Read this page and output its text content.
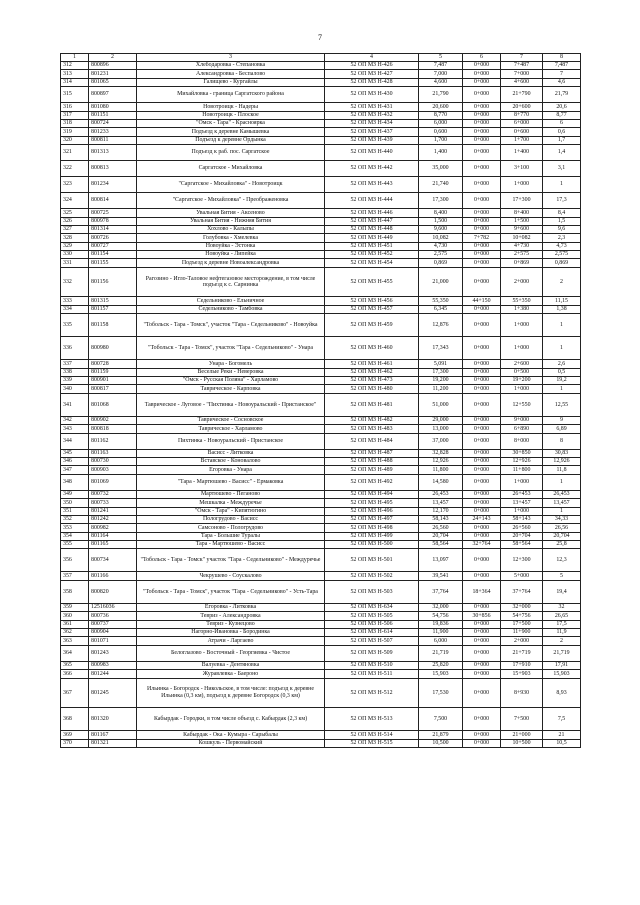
7
1	2	3	4	5	6	7	8
312	800896	Хлебодаровка - Степановка	52 ОП МЗ Н-426	7,487	0+000	7+487	7,487
313	801231	Александровка - Беспалово	52 ОП МЗ Н-427	7,000	0+000	7+000	7
314	801065	Галищево - Кургайлы	52 ОП МЗ Н-428	4,600	0+000	4+600	4,6
315	800897	Михайловка - граница Саргатского района	52 ОП МЗ Н-430	21,790	0+000	21+790	21,79
316	801080	Новотроицк - Надеры	52 ОП МЗ Н-431	20,600	0+000	20+600	20,6
317	801151	Новотроицк - Плоское	52 ОП МЗ Н-432	8,770	0+000	8+770	8,77
318	800724	"Омск - Тара" - Красноярка	52 ОП МЗ Н-434	6,000	0+000	6+000	6
319	801233	Подъезд к деревне Камышевка	52 ОП МЗ Н-437	0,600	0+000	0+600	0,6
320	800811	Подъезд к деревне Ордынка	52 ОП МЗ Н-439	1,700	0+000	1+700	1,7
321	801313	Подъезд к раб. пос. Саргатское	52 ОП МЗ Н-440	1,400	0+000	1+400	1,4
322	800813	Саргатское - Михайловка	52 ОП МЗ Н-442	35,000	0+000	3+100	3,1
323	801234	"Саргатское - Михайловка" - Новотроицк	52 ОП МЗ Н-443	21,740	0+000	1+000	1
324	800814	"Саргатское - Михайловка" - Преображеновка	52 ОП МЗ Н-444	17,300	0+000	17+300	17,3
325	800725	Увальная Бития - Аксеново	52 ОП МЗ Н-446	8,400	0+000	8+400	8,4
326	800978	Увальная Бития - Нижняя Бития	52 ОП МЗ Н-447	1,500	0+000	1+500	1,5
327	801314	Хохлово - Калыпы	52 ОП МЗ Н-448	9,600	0+000	9+600	9,6
328	800726	Голубовка - Хмелевка	52 ОП МЗ Н-449	10,082	7+782	10+082	2,3
329	800727	Новоуйка - Эстонка	52 ОП МЗ Н-451	4,730	0+000	4+730	4,73
330	801154	Новоуйка - Липейка	52 ОП МЗ Н-452	2,575	0+000	2+575	2,575
331	801155	Подъезд к деревне Новоалександровка	52 ОП МЗ Н-454	0,869	0+000	0+869	0,869
332	801156	Рагозино - Игло-Таловое нефтегазовое месторождение, в том числе подъезд к с. Сарнинка	52 ОП МЗ Н-455	21,000	0+000	2+000	2
333	801315	Седельниково - Ельничное	52 ОП МЗ Н-456	55,350	44+150	55+350	11,15
334	801157	Седельниково - Тамбовка	52 ОП МЗ Н-457	6,345	0+000	1+380	1,38
335	801158	"Тобольск - Тара - Томск", участок "Тара - Седельниково" - Новоуйка	52 ОП МЗ Н-459	12,876	0+000	1+000	1
336	800980	"Тобольск - Тара - Томск", участок "Тара - Седельниково" - Унара	52 ОП МЗ Н-460	17,343	0+000	1+000	1
337	800728	Унара - Богомель	52 ОП МЗ Н-461	5,091	0+000	2+600	2,6
338	801159	Веселые Реки - Неверовка	52 ОП МЗ Н-462	17,300	0+000	0+500	0,5
339	800901	"Омск - Русская Поляна" - Харламово	52 ОП МЗ Н-473	19,200	0+000	19+200	19,2
340	800817	Таврическое - Карповка	52 ОП МЗ Н-480	11,200	0+000	1+000	1
341	801068	Таврическое - Луговое - "Пихтинка - Новоуральский - Пристанское"	52 ОП МЗ Н-481	51,000	0+000	12+550	12,55
342	800902	Таврическое - Сосновское	52 ОП МЗ Н-482	29,000	0+000	9+000	9
343	800818	Таврическое - Харламово	52 ОП МЗ Н-483	13,000	0+000	6+890	6,89
344	801162	Пихтинка - Новоуральский - Пристанское	52 ОП МЗ Н-484	37,000	0+000	8+000	8
345	801163	Васисс - Литковка	52 ОП МЗ Н-487	32,828	0+000	30+850	30,83
346	800730	Вставское - Коновалово	52 ОП МЗ Н-488	12,926	0+000	12+926	12,926
347	800903	Егоровка - Унара	52 ОП МЗ Н-489	11,800	0+000	11+800	11,8
348	801069	"Тара - Мартюшево - Васисс" - Ермаковка	52 ОП МЗ Н-492	14,580	0+000	1+000	1
349	800732	Мартюшево - Пеганово	52 ОП МЗ Н-494	26,453	0+000	26+453	26,453
350	800733	Мешкалка - Междуречье	52 ОП МЗ Н-495	13,457	0+000	13+457	13,457
351	801241	"Омск - Тара" - Кипятюгино	52 ОП МЗ Н-496	12,170	0+000	1+000	1
352	801242	Пологрудово - Васисс	52 ОП МЗ Н-497	58,143	24+143	58+143	34,33
353	800982	Самсоново - Пологрудово	52 ОП МЗ Н-498	26,560	0+000	26+560	26,56
354	801164	Тара - Большие Туралы	52 ОП МЗ Н-499	20,704	0+000	20+704	20,704
355	801165	Тара - Мартюшево - Васисс	52 ОП МЗ Н-500	58,564	32+764	58+564	25,8
356	800734	"Тобольск - Тара - Томск" участок "Тара - Седельниково" - Междуречье	52 ОП МЗ Н-501	13,097	0+000	12+300	12,3
357	801166	Чекрушево - Соускалово	52 ОП МЗ Н-502	39,541	0+000	5+000	5
358	800820	"Тобольск - Тара - Томск", участок "Тара - Седельниково" - Усть-Тара	52 ОП МЗ Н-503	37,764	18+364	37+764	19,4
359	12516036	Егоровка - Литковка	52 ОП МЗ Н-634	32,000	0+000	32+000	32
360	800736	Тевриз - Александровка	52 ОП МЗ Н-505	54,756	30+856	54+756	26,65
361	800737	Тевриз - Кузнецово	52 ОП МЗ Н-506	19,836	0+000	17+500	17,5
362	800904	Нагорно-Ивановка - Бородинка	52 ОП МЗ Н-614	11,900	0+000	11+900	11,9
363	801071	Атрачи - Ларгаево	52 ОП МЗ Н-507	6,000	0+000	2+000	2
364	801243	Белоглазово - Восточный - Георгиевка - Чистое	52 ОП МЗ Н-509	21,719	0+000	21+719	21,719
365	800983	Валуевка - Дентяновка	52 ОП МЗ Н-510	25,820	0+000	17+910	17,91
366	801244	Журавлевка - Баероно	52 ОП МЗ Н-511	15,903	0+000	15+903	15,903
367	801245	Ильинка - Богородск - Никольское, в том числе: подъезд к деревне Ильинка (0,3 км), подъезд к деревне Богородск (0,3 км)	52 ОП МЗ Н-512	17,530	0+000	8+930	8,93
368	801320	Кабырдак - Городки, в том числе объезд с. Кабырдак (2,3 км)	52 ОП МЗ Н-513	7,500	0+000	7+500	7,5
369	801167	Кабырдак - Ока - Кумыра - Сарыбалы	52 ОП МЗ Н-514	21,879	0+000	21+000	21
370	801321	Кошкуль - Первомайский	52 ОП МЗ Н-515	10,500	0+000	10+500	10,5
